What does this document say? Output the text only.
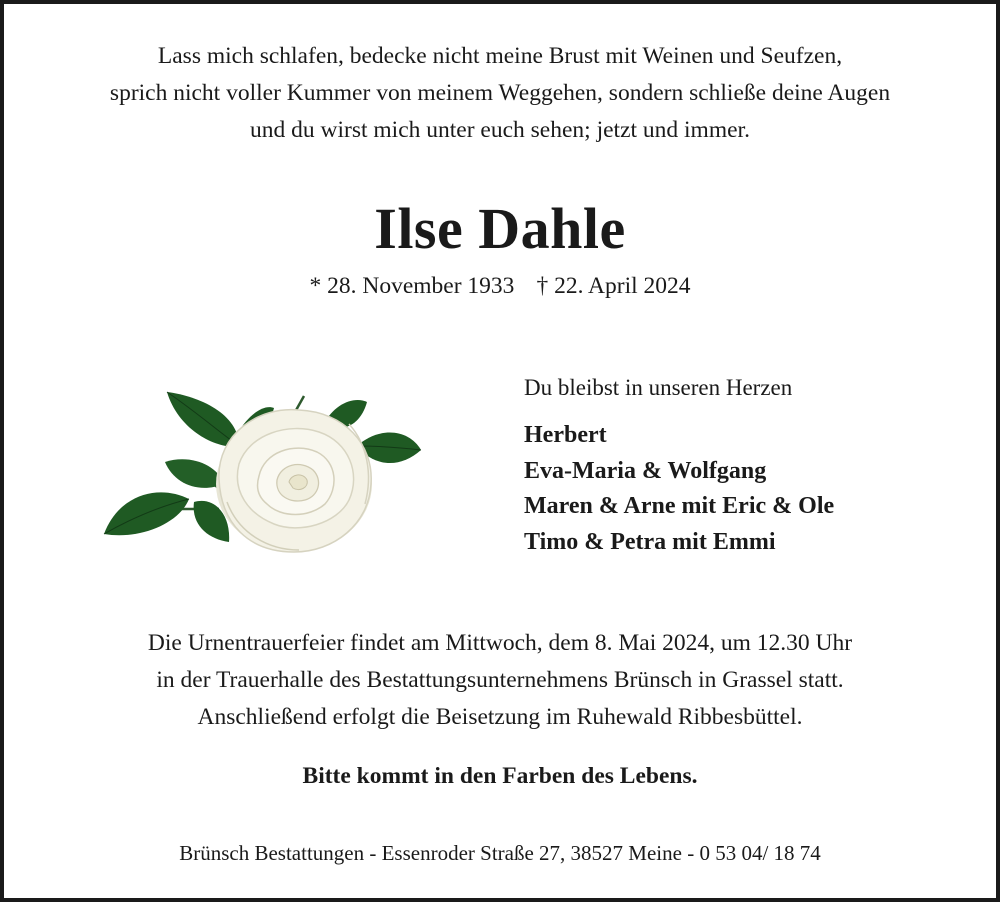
Lass mich schlafen, bedecke nicht meine Brust mit Weinen und Seufzen,
sprich nicht voller Kummer von meinem Weggehen, sondern schließe deine Augen
und du wirst mich unter euch sehen; jetzt und immer.
Ilse Dahle
* 28. November 1933 † 22. April 2024
Du bleibst in unseren Herzen
Herbert
Eva-Maria & Wolfgang
Maren & Arne mit Eric & Ole
Timo & Petra mit Emmi
Die Urnentrauerfeier findet am Mittwoch, dem 8. Mai 2024, um 12.30 Uhr
in der Trauerhalle des Bestattungsunternehmens Brünsch in Grassel statt.
Anschließend erfolgt die Beisetzung im Ruhewald Ribbesbüttel.
Bitte kommt in den Farben des Lebens.
Brünsch Bestattungen - Essenroder Straße 27, 38527 Meine - 0 53 04/ 18 74
